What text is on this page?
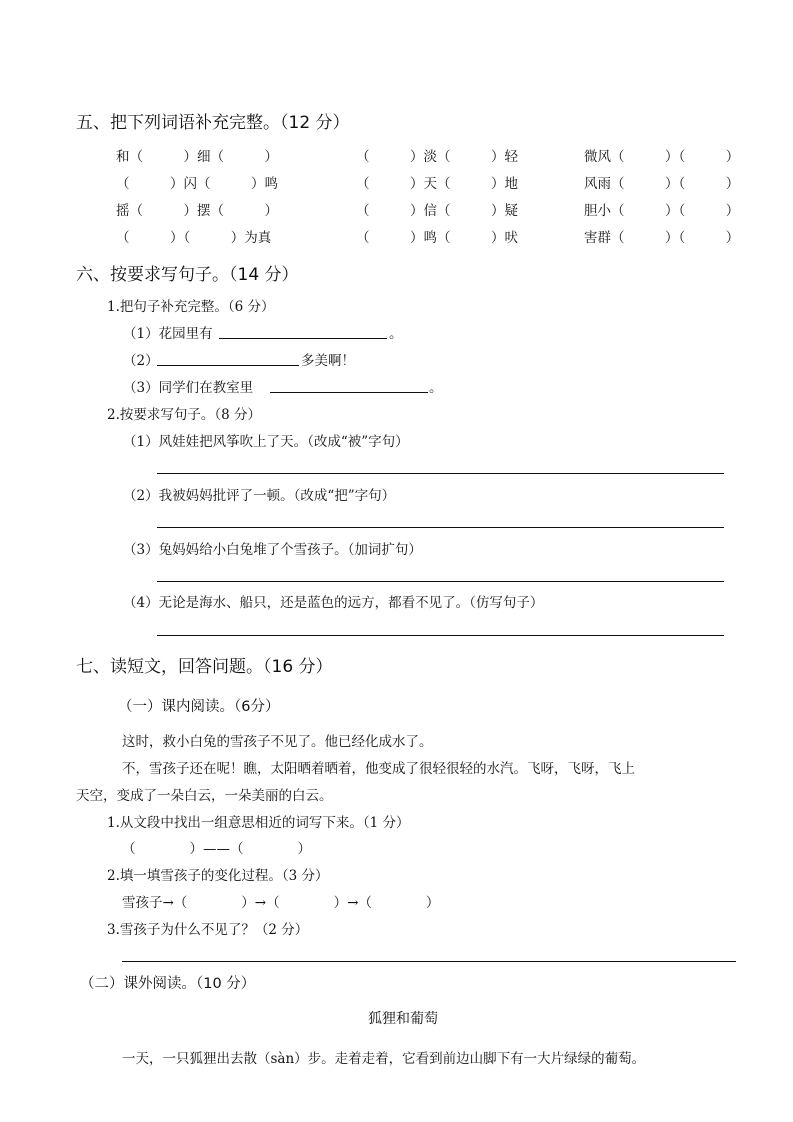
五、把下列词语补充完整。（12 分）
和（　　　）细（　　　）	（　　　）淡（　　　）轻	微风（　　　）（　　　）
（　　　）闪（　　　）鸣	（　　　）天（　　　）地	风雨（　　　）（　　　）
摇（　　　）摆（　　　）	（　　　）信（　　　）疑	胆小（　　　）（　　　）
（　　　）（　　　）为真	（　　　）鸣（　　　）吠	害群（　　　）（　　　）
六、按要求写句子。（14 分）
1.把句子补充完整。（6 分）
（1）花园里有	。
（2）	多美啊！
（3）同学们在教室里	。
2.按要求写句子。（8 分）
（1）风娃娃把风筝吹上了天。（改成“被”字句）
（2）我被妈妈批评了一顿。（改成“把”字句）
（3）兔妈妈给小白兔堆了个雪孩子。（加词扩句）
（4）无论是海水、船只，还是蓝色的远方，都看不见了。（仿写句子）
七、读短文，回答问题。（16 分）
（一）课内阅读。（6分）
这时，救小白兔的雪孩子不见了。他已经化成水了。
不，雪孩子还在呢！瞧，太阳晒着晒着，他变成了很轻很轻的水汽。飞呀，飞呀，飞上
天空，变成了一朵白云，一朵美丽的白云。
1.从文段中找出一组意思相近的词写下来。（1 分）
（　　　　）——（　　　　）
2.填一填雪孩子的变化过程。（3 分）
雪孩子→（　　　　）→（　　　　）→（　　　　）
3.雪孩子为什么不见了？（2 分）
（二）课外阅读。（10 分）
狐狸和葡萄
一天，一只狐狸出去散（sàn）步。走着走着，它看到前边山脚下有一大片绿绿的葡萄。
